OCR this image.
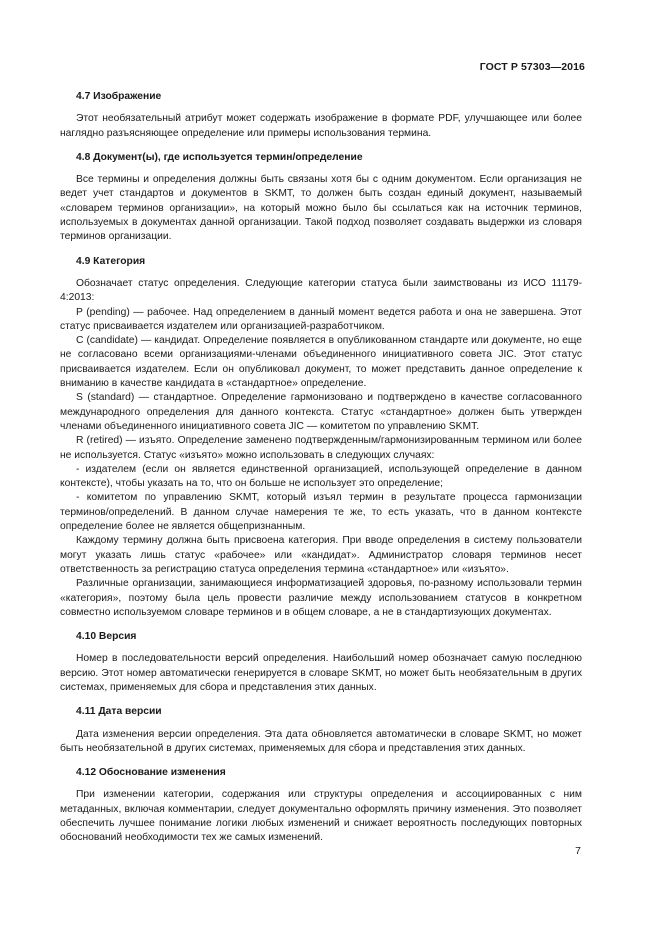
ГОСТ Р 57303—2016
4.7 Изображение

Этот необязательный атрибут может содержать изображение в формате PDF, улучшающее или более наглядно разъясняющее определение или примеры использования термина.

4.8 Документ(ы), где используется термин/определение

Все термины и определения должны быть связаны хотя бы с одним документом. Если организация не ведет учет стандартов и документов в SKMT, то должен быть создан единый документ, называемый «словарем терминов организации», на который можно было бы ссылаться как на источник терминов, используемых в документах данной организации. Такой подход позволяет создавать выдержки из словаря терминов организации.

4.9 Категория

Обозначает статус определения. Следующие категории статуса были заимствованы из ИСО 11179-4:2013:

P (pending) — рабочее. Над определением в данный момент ведется работа и она не завершена. Этот статус присваивается издателем или организацией-разработчиком.

C (candidate) — кандидат. Определение появляется в опубликованном стандарте или документе, но еще не согласовано всеми организациями-членами объединенного инициативного совета JIC. Этот статус присваивается издателем. Если он опубликовал документ, то может представить данное определение к вниманию в качестве кандидата в «стандартное» определение.

S (standard) — стандартное. Определение гармонизовано и подтверждено в качестве согласованного международного определения для данного контекста. Статус «стандартное» должен быть утвержден членами объединенного инициативного совета JIC — комитетом по управлению SKMT.

R (retired) — изъято. Определение заменено подтвержденным/гармонизированным термином или более не используется. Статус «изъято» можно использовать в следующих случаях:

- издателем (если он является единственной организацией, использующей определение в данном контексте), чтобы указать на то, что он больше не использует это определение;

- комитетом по управлению SKMT, который изъял термин в результате процесса гармонизации терминов/определений. В данном случае намерения те же, то есть указать, что в данном контексте определение более не является общепризнанным.

Каждому термину должна быть присвоена категория. При вводе определения в систему пользователи могут указать лишь статус «рабочее» или «кандидат». Администратор словаря терминов несет ответственность за регистрацию статуса определения термина «стандартное» или «изъято».

Различные организации, занимающиеся информатизацией здоровья, по-разному использовали термин «категория», поэтому была цель провести различие между использованием статусов в конкретном совместно используемом словаре терминов и в общем словаре, а не в стандартизующих документах.

4.10 Версия

Номер в последовательности версий определения. Наибольший номер обозначает самую последнюю версию. Этот номер автоматически генерируется в словаре SKMT, но может быть необязательным в других системах, применяемых для сбора и представления этих данных.

4.11 Дата версии

Дата изменения версии определения. Эта дата обновляется автоматически в словаре SKMT, но может быть необязательной в других системах, применяемых для сбора и представления этих данных.

4.12 Обоснование изменения

При изменении категории, содержания или структуры определения и ассоциированных с ним метаданных, включая комментарии, следует документально оформлять причину изменения. Это позволяет обеспечить лучшее понимание логики любых изменений и снижает вероятность последующих повторных обоснований необходимости тех же самых изменений.

7
